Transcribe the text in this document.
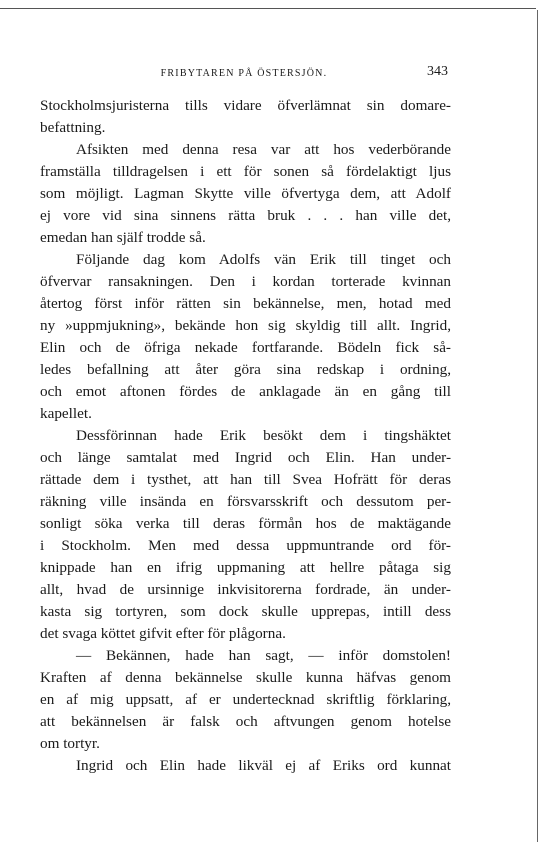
FRIBYTAREN PÅ ÖSTERSJÖN.	343
Stockholmsjuristerna tills vidare öfverlämnat sin domare-
befattning.
Afsikten med denna resa var att hos vederbörande
framställa tilldragelsen i ett för sonen så fördelaktigt ljus
som möjligt. Lagman Skytte ville öfvertyga dem, att Adolf
ej vore vid sina sinnens rätta bruk . . . han ville det,
emedan han själf trodde så.
Följande dag kom Adolfs vän Erik till tinget och
öfvervar ransakningen. Den i kordan torterade kvinnan
återtog först inför rätten sin bekännelse, men, hotad med
ny »uppmjukning», bekände hon sig skyldig till allt. Ingrid,
Elin och de öfriga nekade fortfarande. Bödeln fick så-
ledes befallning att åter göra sina redskap i ordning,
och emot aftonen fördes de anklagade än en gång till
kapellet.
Dessförinnan hade Erik besökt dem i tingshäktet
och länge samtalat med Ingrid och Elin. Han under-
rättade dem i tysthet, att han till Svea Hofrätt för deras
räkning ville insända en försvarsskrift och dessutom per-
sonligt söka verka till deras förmån hos de maktägande
i Stockholm. Men med dessa uppmuntrande ord för-
knippade han en ifrig uppmaning att hellre påtaga sig
allt, hvad de ursinnige inkvisitorerna fordrade, än under-
kasta sig tortyren, som dock skulle upprepas, intill dess
det svaga köttet gifvit efter för plågorna.
— Bekännen, hade han sagt, — inför domstolen!
Kraften af denna bekännelse skulle kunna häfvas genom
en af mig uppsatt, af er undertecknad skriftlig förklaring,
att bekännelsen är falsk och aftvungen genom hotelse
om tortyr.
Ingrid och Elin hade likväl ej af Eriks ord kunnat
